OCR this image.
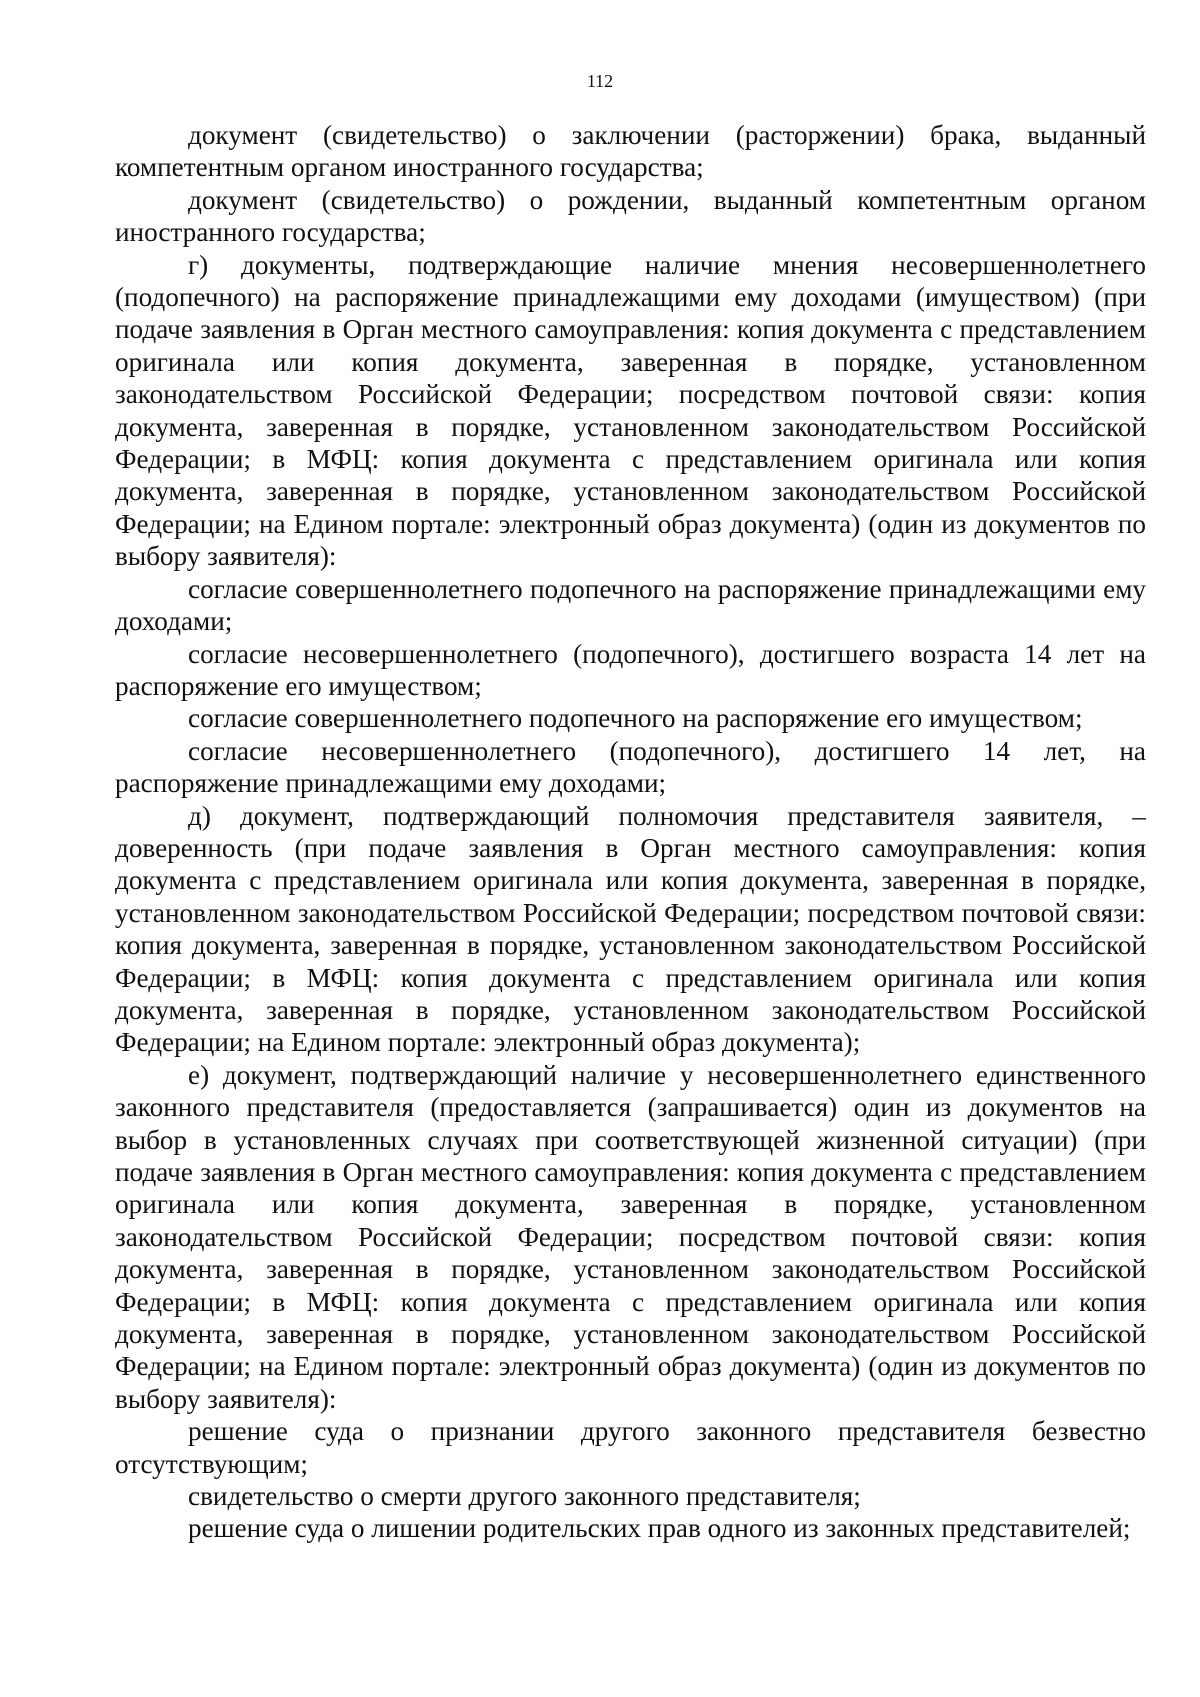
112

документ (свидетельство) о заключении (расторжении) брака, выданный компетентным органом иностранного государства;

документ (свидетельство) о рождении, выданный компетентным органом иностранного государства;

г) документы, подтверждающие наличие мнения несовершеннолетнего (подопечного) на распоряжение принадлежащими ему доходами (имуществом) (при подаче заявления в Орган местного самоуправления: копия документа с представлением оригинала или копия документа, заверенная в порядке, установленном законодательством Российской Федерации; посредством почтовой связи: копия документа, заверенная в порядке, установленном законодательством Российской Федерации; в МФЦ: копия документа с представлением оригинала или копия документа, заверенная в порядке, установленном законодательством Российской Федерации; на Едином портале: электронный образ документа) (один из документов по выбору заявителя):

согласие совершеннолетнего подопечного на распоряжение принадлежащими ему доходами;

согласие несовершеннолетнего (подопечного), достигшего возраста 14 лет на распоряжение его имуществом;

согласие совершеннолетнего подопечного на распоряжение его имуществом;

согласие несовершеннолетнего (подопечного), достигшего 14 лет, на распоряжение принадлежащими ему доходами;

д) документ, подтверждающий полномочия представителя заявителя, – доверенность (при подаче заявления в Орган местного самоуправления: копия документа с представлением оригинала или копия документа, заверенная в порядке, установленном законодательством Российской Федерации; посредством почтовой связи: копия документа, заверенная в порядке, установленном законодательством Российской Федерации; в МФЦ: копия документа с представлением оригинала или копия документа, заверенная в порядке, установленном законодательством Российской Федерации; на Едином портале: электронный образ документа);

е) документ, подтверждающий наличие у несовершеннолетнего единственного законного представителя (предоставляется (запрашивается) один из документов на выбор в установленных случаях при соответствующей жизненной ситуации) (при подаче заявления в Орган местного самоуправления: копия документа с представлением оригинала или копия документа, заверенная в порядке, установленном законодательством Российской Федерации; посредством почтовой связи: копия документа, заверенная в порядке, установленном законодательством Российской Федерации; в МФЦ: копия документа с представлением оригинала или копия документа, заверенная в порядке, установленном законодательством Российской Федерации; на Едином портале: электронный образ документа) (один из документов по выбору заявителя):

решение суда о признании другого законного представителя безвестно отсутствующим;

свидетельство о смерти другого законного представителя;

решение суда о лишении родительских прав одного из законных представителей;
